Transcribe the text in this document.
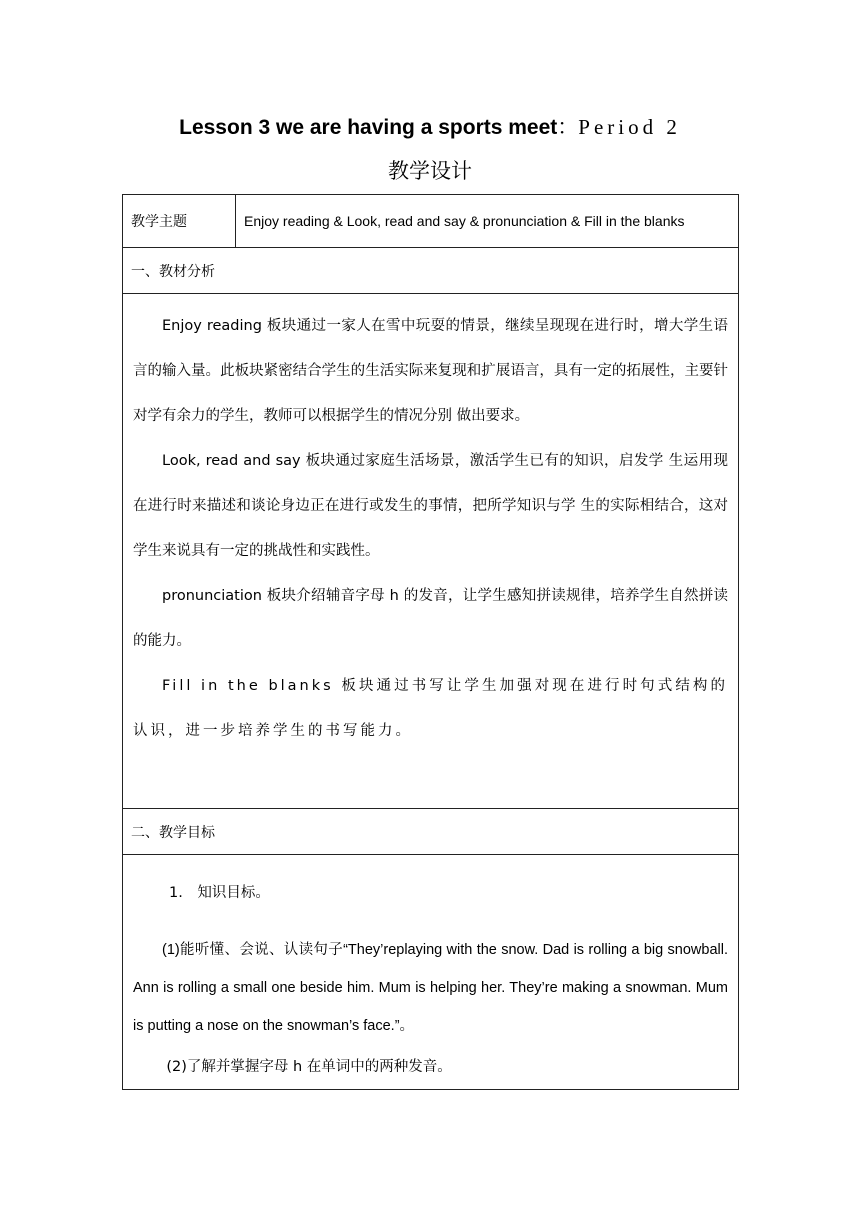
Lesson 3 we are having a sports meet：Period 2
教学设计
教学主题	Enjoy reading & Look, read and say & pronunciation & Fill in the blanks
一、教材分析

Enjoy reading 板块通过一家人在雪中玩耍的情景，继续呈现现在进行时，增大学生语言的输入量。此板块紧密结合学生的生活实际来复现和扩展语言，具有一定的拓展性，主要针对学有余力的学生，教师可以根据学生的情况分别 做出要求。

Look, read and say 板块通过家庭生活场景，激活学生已有的知识，启发学 生运用现在进行时来描述和谈论身边正在进行或发生的事情，把所学知识与学 生的实际相结合，这对学生来说具有一定的挑战性和实践性。

pronunciation 板块介绍辅音字母 h 的发音，让学生感知拼读规律，培养学生自然拼读的能力。

Fill in the blanks 板块通过书写让学生加强对现在进行时句式结构的认识，进一步培养学生的书写能力。

二、教学目标

1.　知识目标。

(1)能听懂、会说、认读句子“They’replaying with the snow. Dad is rolling a big snowball. Ann is rolling a small one beside him. Mum is helping her. They’re making a snowman. Mum is putting a nose on the snowman’s face.”。

(2)了解并掌握字母 h 在单词中的两种发音。
